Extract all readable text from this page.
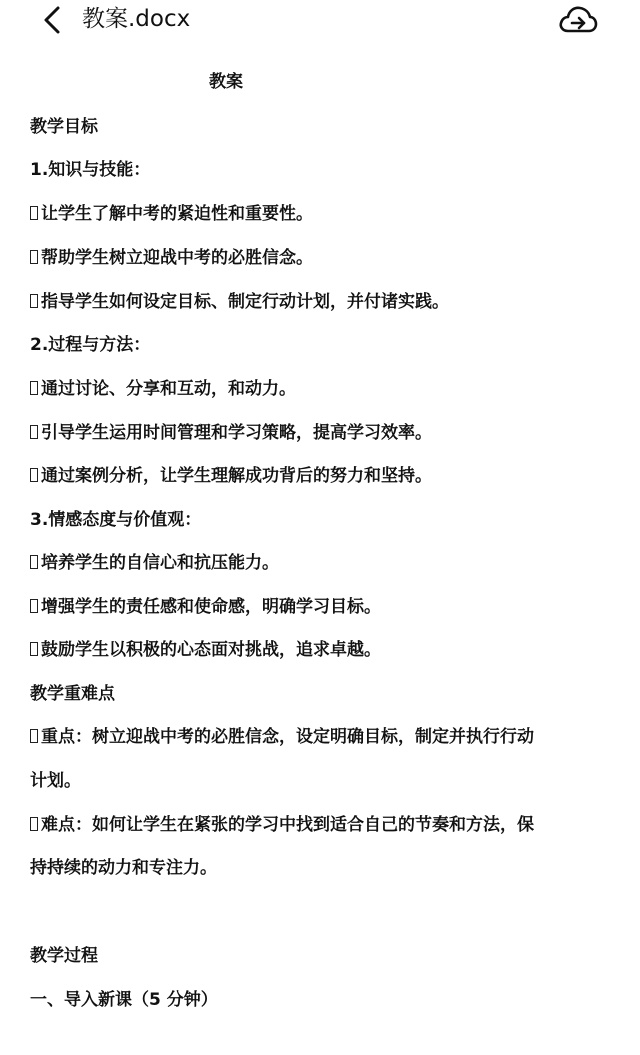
教案.docx
教案
教学目标
1.知识与技能：
让学生了解中考的紧迫性和重要性。
帮助学生树立迎战中考的必胜信念。
指导学生如何设定目标、制定行动计划，并付诸实践。
2.过程与方法：
通过讨论、分享和互动，和动力。
引导学生运用时间管理和学习策略，提高学习效率。
通过案例分析，让学生理解成功背后的努力和坚持。
3.情感态度与价值观：
培养学生的自信心和抗压能力。
增强学生的责任感和使命感，明确学习目标。
鼓励学生以积极的心态面对挑战，追求卓越。
教学重难点
重点：树立迎战中考的必胜信念，设定明确目标，制定并执行行动
计划。
难点：如何让学生在紧张的学习中找到适合自己的节奏和方法，保
持持续的动力和专注力。
教学过程
一、导入新课（5 分钟）
